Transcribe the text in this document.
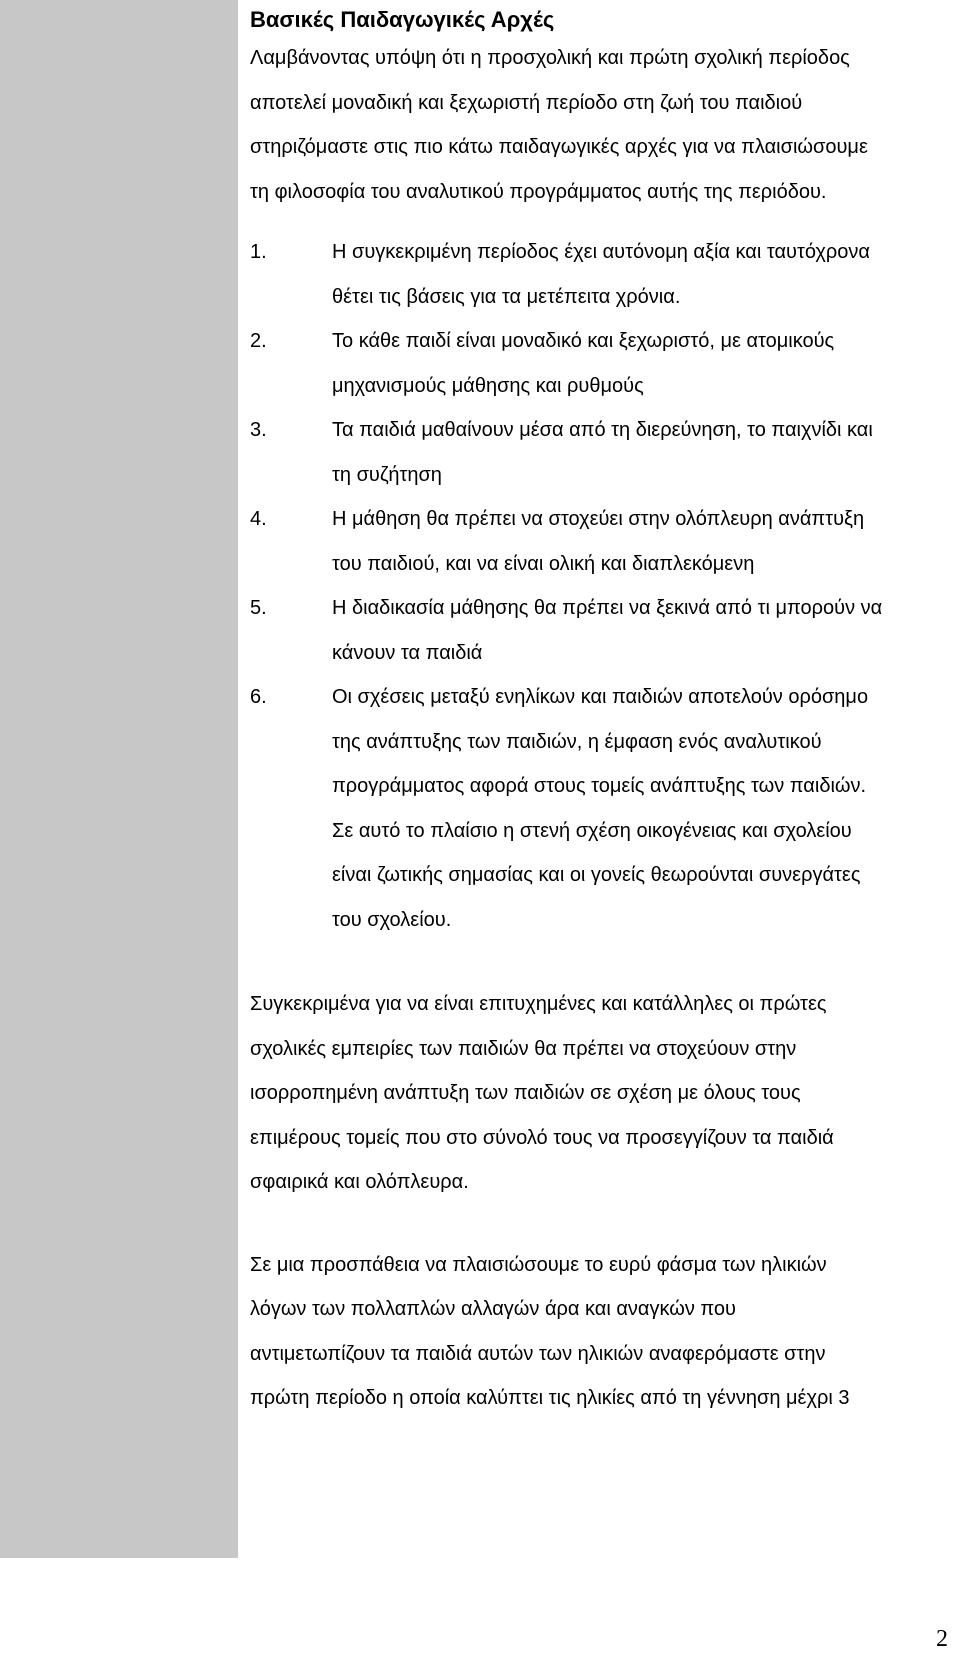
Βασικές Παιδαγωγικές Αρχές
Λαμβάνοντας υπόψη ότι η προσχολική και πρώτη σχολική περίοδος
αποτελεί μοναδική και ξεχωριστή περίοδο στη ζωή του παιδιού
στηριζόμαστε στις πιο κάτω παιδαγωγικές αρχές για να πλαισιώσουμε
τη φιλοσοφία του αναλυτικού προγράμματος αυτής της περιόδου.
1.	Η συγκεκριμένη περίοδος έχει αυτόνομη αξία και ταυτόχρονα
θέτει τις βάσεις για τα μετέπειτα χρόνια.
2.	Το κάθε παιδί είναι μοναδικό και ξεχωριστό, με ατομικούς
μηχανισμούς μάθησης και ρυθμούς
3.	Τα παιδιά μαθαίνουν μέσα από τη διερεύνηση, το παιχνίδι και
τη συζήτηση
4.	Η μάθηση θα πρέπει να στοχεύει στην ολόπλευρη ανάπτυξη
του παιδιού, και να είναι ολική και διαπλεκόμενη
5.	Η διαδικασία μάθησης θα πρέπει να ξεκινά από τι μπορούν να
κάνουν τα παιδιά
6.	Οι σχέσεις μεταξύ ενηλίκων και παιδιών αποτελούν ορόσημο
της ανάπτυξης των παιδιών, η έμφαση ενός αναλυτικού
προγράμματος αφορά στους τομείς ανάπτυξης των παιδιών.
Σε αυτό το πλαίσιο η στενή σχέση οικογένειας και σχολείου
είναι ζωτικής σημασίας και οι γονείς θεωρούνται συνεργάτες
του σχολείου.
Συγκεκριμένα για να είναι επιτυχημένες και κατάλληλες οι πρώτες
σχολικές εμπειρίες των παιδιών θα πρέπει να στοχεύουν στην
ισορροπημένη ανάπτυξη των παιδιών σε σχέση με όλους τους
επιμέρους τομείς που στο σύνολό τους να προσεγγίζουν τα παιδιά
σφαιρικά και ολόπλευρα.
Σε μια προσπάθεια να πλαισιώσουμε το ευρύ φάσμα των ηλικιών
λόγων των πολλαπλών αλλαγών άρα και αναγκών που
αντιμετωπίζουν τα παιδιά αυτών των ηλικιών αναφερόμαστε στην
πρώτη περίοδο η οποία καλύπτει τις ηλικίες από τη γέννηση μέχρι 3
2
